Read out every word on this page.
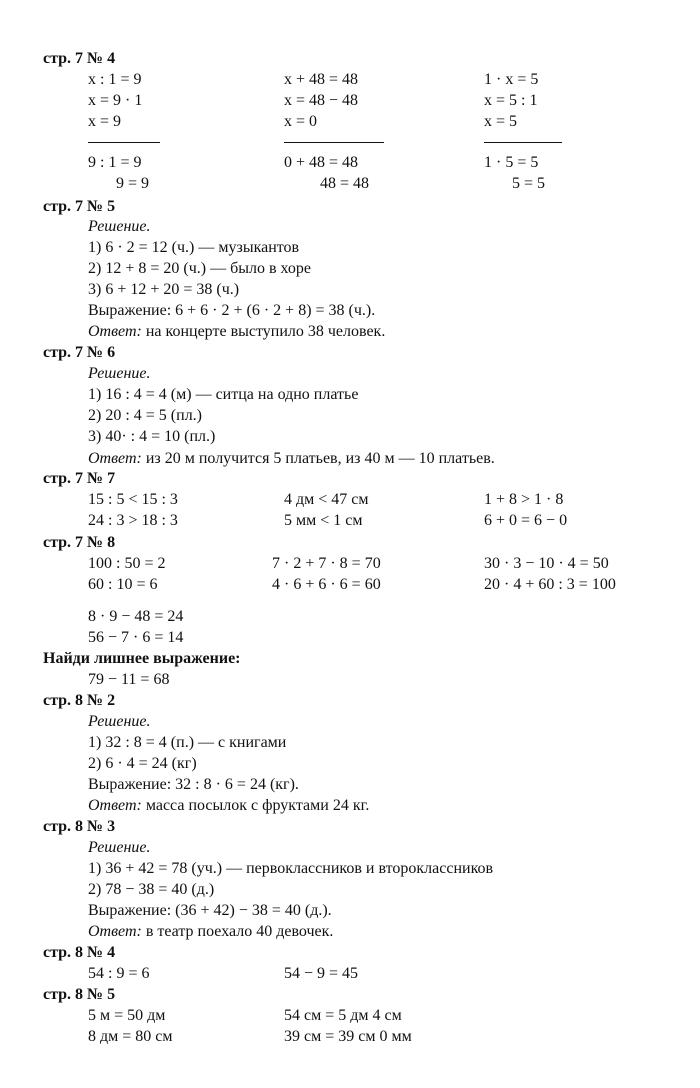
стр. 7 № 4
x : 1 = 9
x = 9 · 1
x = 9
9 : 1 = 9
9 = 9
x + 48 = 48
x = 48 − 48
x = 0
0 + 48 = 48
48 = 48
1 · x = 5
x = 5 : 1
x = 5
1 · 5 = 5
5 = 5
стр. 7 № 5
Решение.
1) 6 · 2 = 12 (ч.) — музыкантов
2) 12 + 8 = 20 (ч.) — было в хоре
3) 6 + 12 + 20 = 38 (ч.)
Выражение: 6 + 6 · 2 + (6 · 2 + 8) = 38 (ч.).
Ответ: на концерте выступило 38 человек.
стр. 7 № 6
Решение.
1) 16 : 4 = 4 (м) — ситца на одно платье
2) 20 : 4 = 5 (пл.)
3) 40· : 4 = 10 (пл.)
Ответ: из 20 м получится 5 платьев, из 40 м — 10 платьев.
стр. 7 № 7
15 : 5 < 15 : 3
24 : 3 > 18 : 3
4 дм < 47 см
5 мм < 1 см
1 + 8 > 1 · 8
6 + 0 = 6 − 0
стр. 7 № 8
100 : 50 = 2
60 : 10 = 6
7 · 2 + 7 · 8 = 70
4 · 6 + 6 · 6 = 60
30 · 3 − 10 · 4 = 50
20 · 4 + 60 : 3 = 100
8 · 9 − 48 = 24
56 − 7 · 6 = 14
Найди лишнее выражение:
79 − 11 = 68
стр. 8 № 2
Решение.
1) 32 : 8 = 4 (п.) — с книгами
2) 6 · 4 = 24 (кг)
Выражение: 32 : 8 · 6 = 24 (кг).
Ответ: масса посылок с фруктами 24 кг.
стр. 8 № 3
Решение.
1) 36 + 42 = 78 (уч.) — первоклассников и второклассников
2) 78 − 38 = 40 (д.)
Выражение: (36 + 42) − 38 = 40 (д.).
Ответ: в театр поехало 40 девочек.
стр. 8 № 4
54 : 9 = 6	54 − 9 = 45
стр. 8 № 5
5 м = 50 дм
8 дм = 80 см
54 см = 5 дм 4 см
39 см = 39 см 0 мм
